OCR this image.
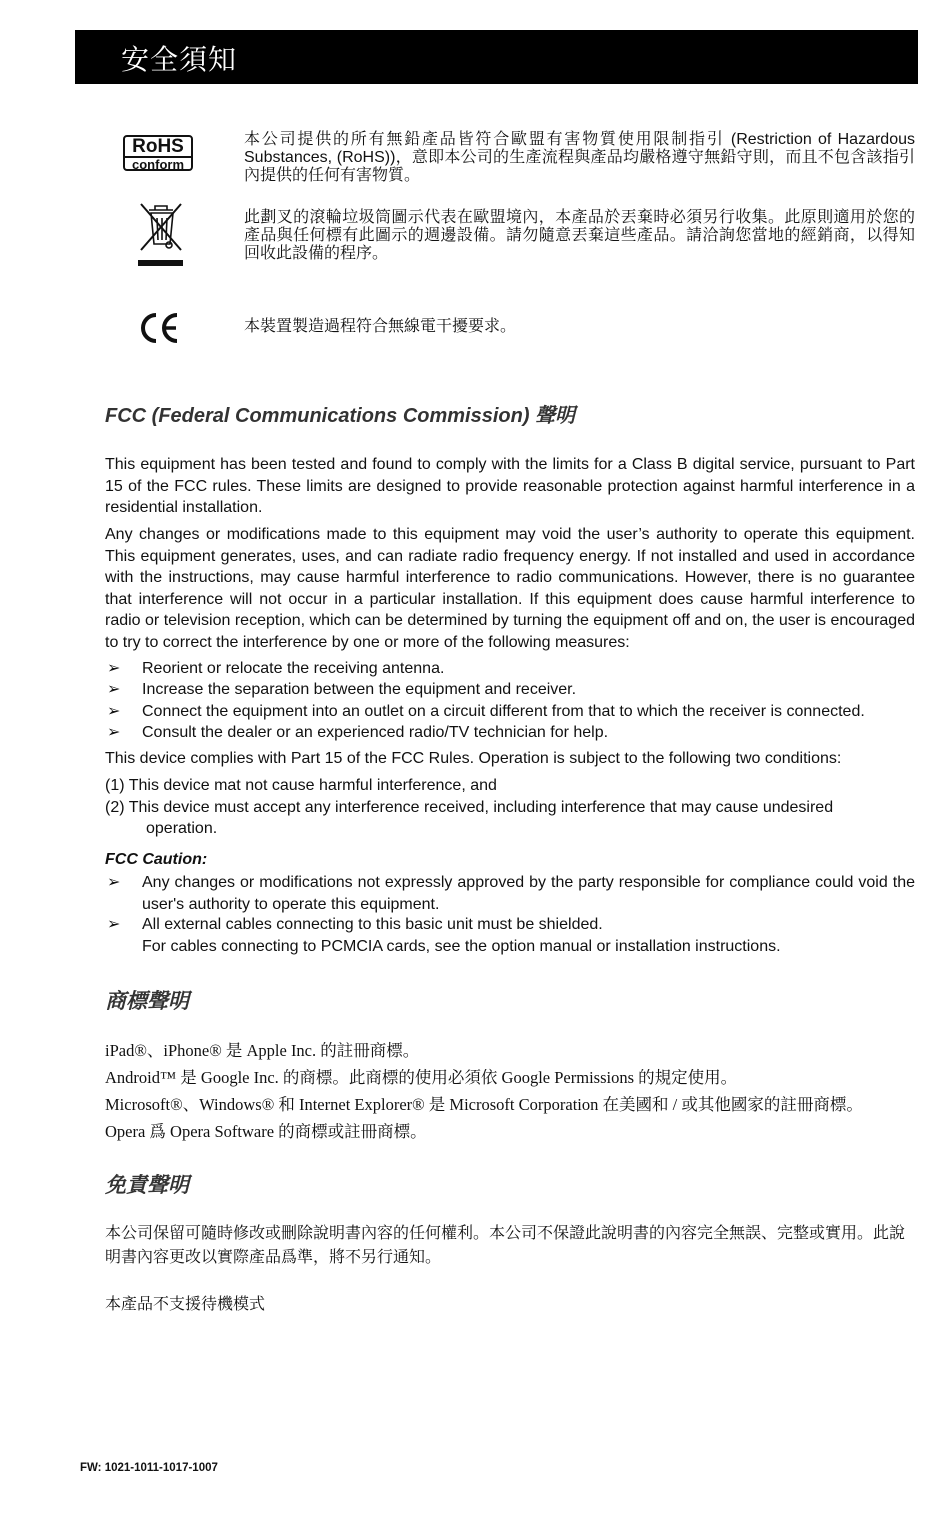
安全須知
RoHS
conform
本公司提供的所有無鉛產品皆符合歐盟有害物質使用限制指引 (Restriction of Hazardous Substances, (RoHS))，意即本公司的生產流程與產品均嚴格遵守無鉛守則，而且不包含該指引內提供的任何有害物質。
此劃叉的滾輪垃圾筒圖示代表在歐盟境內，本產品於丟棄時必須另行收集。此原則適用於您的產品與任何標有此圖示的週邊設備。請勿隨意丟棄這些產品。請洽詢您當地的經銷商，以得知回收此設備的程序。
本裝置製造過程符合無線電干擾要求。
FCC (Federal Communications Commission) 聲明
This equipment has been tested and found to comply with the limits for a Class B digital service, pursuant to Part 15 of the FCC rules. These limits are designed to provide reasonable protection against harmful interference in a residential installation.
Any changes or modifications made to this equipment may void the user’s authority to operate this equipment. This equipment generates, uses, and can radiate radio frequency energy. If not installed and used in accordance with the instructions, may cause harmful interference to radio communications. However, there is no guarantee that interference will not occur in a particular installation. If this equipment does cause harmful interference to radio or television reception, which can be determined by turning the equipment off and on, the user is encouraged to try to correct the interference by one or more of the following measures:
➢ Reorient or relocate the receiving antenna.
➢ Increase the separation between the equipment and receiver.
➢ Connect the equipment into an outlet on a circuit different from that to which the receiver is connected.
➢ Consult the dealer or an experienced radio/TV technician for help.
This device complies with Part 15 of the FCC Rules. Operation is subject to the following two conditions:
(1) This device mat not cause harmful interference, and
(2) This device must accept any interference received, including interference that may cause undesired
operation.
FCC Caution:
➢ Any changes or modifications not expressly approved by the party responsible for compliance could void the user's authority to operate this equipment.
➢ All external cables connecting to this basic unit must be shielded.
For cables connecting to PCMCIA cards, see the option manual or installation instructions.
商標聲明
iPad®、iPhone® 是 Apple Inc. 的註冊商標。
Android™ 是 Google Inc. 的商標。此商標的使用必須依 Google Permissions 的規定使用。
Microsoft®、Windows® 和 Internet Explorer® 是 Microsoft Corporation 在美國和 / 或其他國家的註冊商標。
Opera 爲 Opera Software 的商標或註冊商標。
免責聲明
本公司保留可隨時修改或刪除說明書內容的任何權利。本公司不保證此說明書的內容完全無誤、完整或實用。此說明書內容更改以實際產品爲準，將不另行通知。
本產品不支援待機模式
FW: 1021-1011-1017-1007
